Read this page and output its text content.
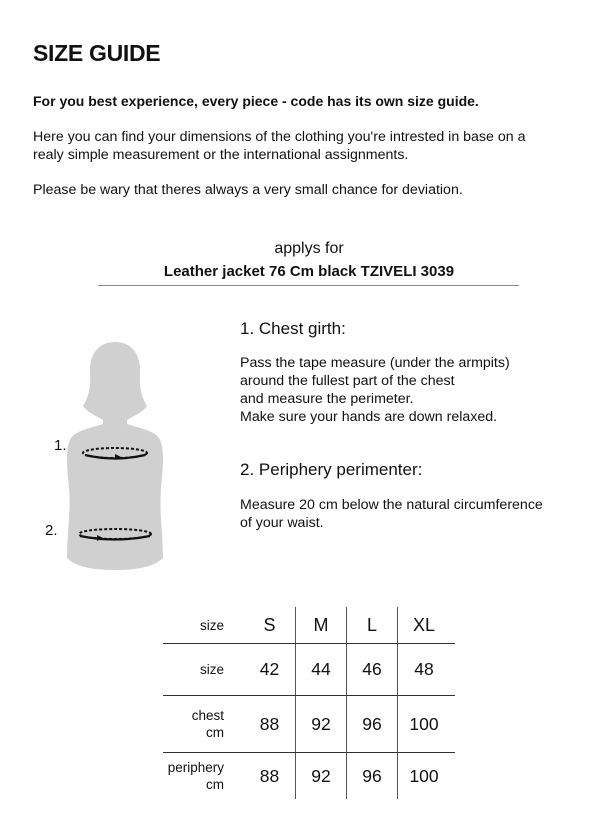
SIZE GUIDE
For you best experience, every piece - code has its own size guide.
Here you can find your dimensions of the clothing you're intrested in base on a
realy simple measurement or the international assignments.
Please be wary that theres always a very small chance for deviation.
applys for
Leather jacket 76 Cm black TZIVELI 3039
1.
2.
1. Chest girth:
Pass the tape measure (under the armpits)
around the fullest part of the chest
and measure the perimeter.
Make sure your hands are down relaxed.
2. Periphery perimenter:
Measure 20 cm below the natural circumference
of your waist.
size	S	M	L	XL
size	42	44	46	48
chest
cm	88	92	96	100
periphery
cm	88	92	96	100
